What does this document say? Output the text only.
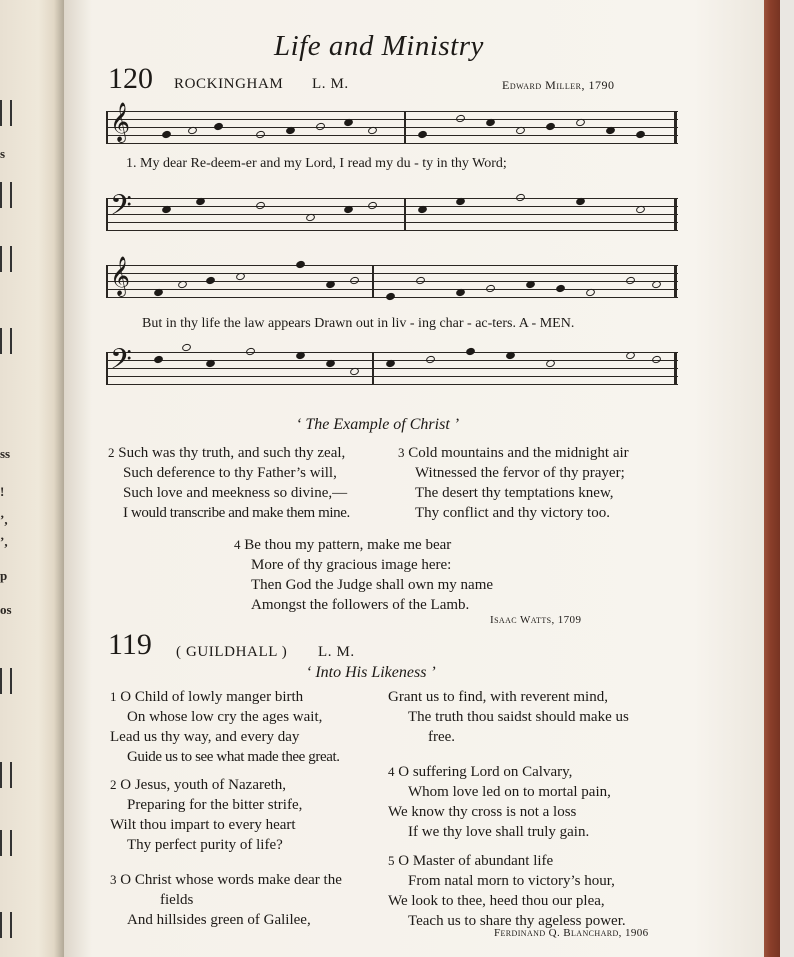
s
ss
!
’,
’,
p
os
Life and Ministry
120 ROCKINGHAM L. M.	Edward Miller, 1790
𝄞
1. My dear Re-deem-er and my Lord, I read my du - ty in thy Word;
𝄢
𝄞
But in thy life the law appears Drawn out in liv - ing char - ac-ters. A - MEN.
𝄢
‘ The Example of Christ ’
2 Such was thy truth, and such thy zeal,
Such deference to thy Father’s will,
Such love and meekness so divine,—
I would transcribe and make them mine.
3 Cold mountains and the midnight air
Witnessed the fervor of thy prayer;
The desert thy temptations knew,
Thy conflict and thy victory too.
4 Be thou my pattern, make me bear
More of thy gracious image here:
Then God the Judge shall own my name
Amongst the followers of the Lamb.
Isaac Watts, 1709
119 ( GUILDHALL ) L. M.
‘ Into His Likeness ’
1 O Child of lowly manger birth
On whose low cry the ages wait,
Lead us thy way, and every day
Guide us to see what made thee great.
2 O Jesus, youth of Nazareth,
Preparing for the bitter strife,
Wilt thou impart to every heart
Thy perfect purity of life?
3 O Christ whose words make dear the
fields
And hillsides green of Galilee,
Grant us to find, with reverent mind,
The truth thou saidst should make us
free.
4 O suffering Lord on Calvary,
Whom love led on to mortal pain,
We know thy cross is not a loss
If we thy love shall truly gain.
5 O Master of abundant life
From natal morn to victory’s hour,
We look to thee, heed thou our plea,
Teach us to share thy ageless power.
Ferdinand Q. Blanchard, 1906
